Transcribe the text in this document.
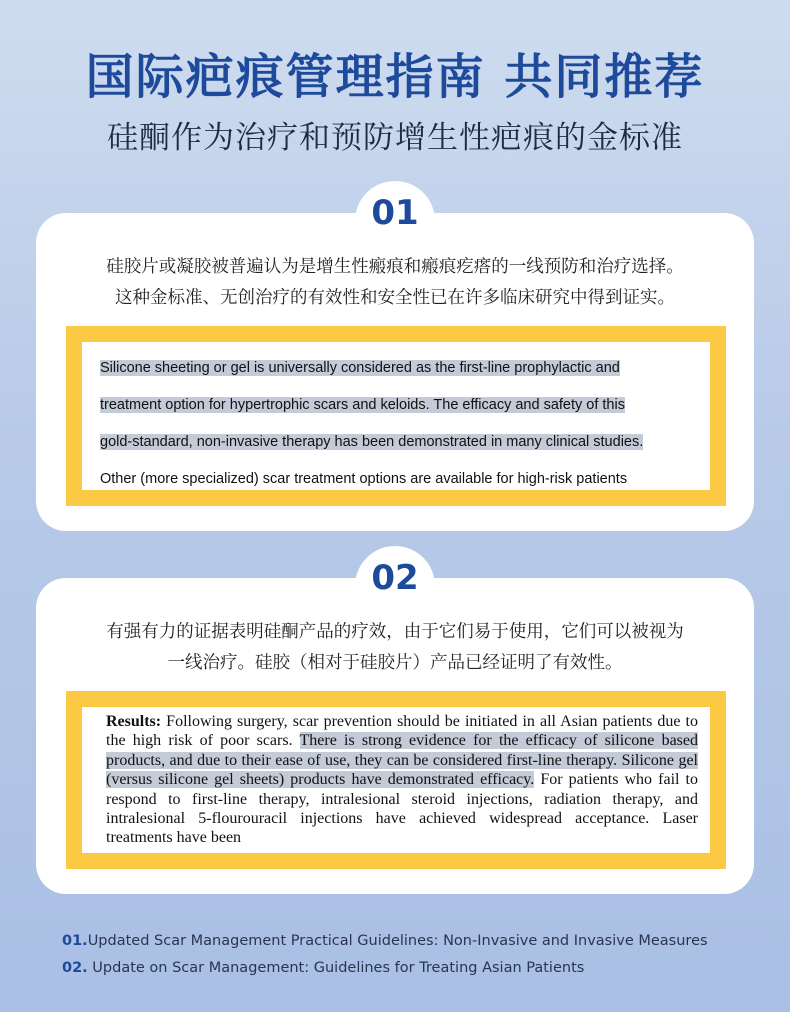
国际疤痕管理指南 共同推荐
硅酮作为治疗和预防增生性疤痕的金标准
硅胶片或凝胶被普遍认为是增生性瘢痕和瘢痕疙瘩的一线预防和治疗选择。
这种金标准、无创治疗的有效性和安全性已在许多临床研究中得到证实。
Silicone sheeting or gel is universally considered as the first-line prophylactic and
treatment option for hypertrophic scars and keloids. The efficacy and safety of this
gold-standard, non-invasive therapy has been demonstrated in many clinical studies.
Other (more specialized) scar treatment options are available for high-risk patients
01
有强有力的证据表明硅酮产品的疗效，由于它们易于使用，它们可以被视为
一线治疗。硅胶（相对于硅胶片）产品已经证明了有效性。
Results: Following surgery, scar prevention should be initiated in all Asian patients due to the high risk of poor scars. There is strong evidence for the efficacy of silicone based products, and due to their ease of use, they can be considered first-line therapy. Silicone gel (versus silicone gel sheets) products have demonstrated efficacy. For patients who fail to respond to first-line therapy, intralesional steroid injections, radiation therapy, and intralesional 5-flourouracil injections have achieved widespread acceptance. Laser treatments have been
02
01.Updated Scar Management Practical Guidelines: Non-Invasive and Invasive Measures
02. Update on Scar Management: Guidelines for Treating Asian Patients
